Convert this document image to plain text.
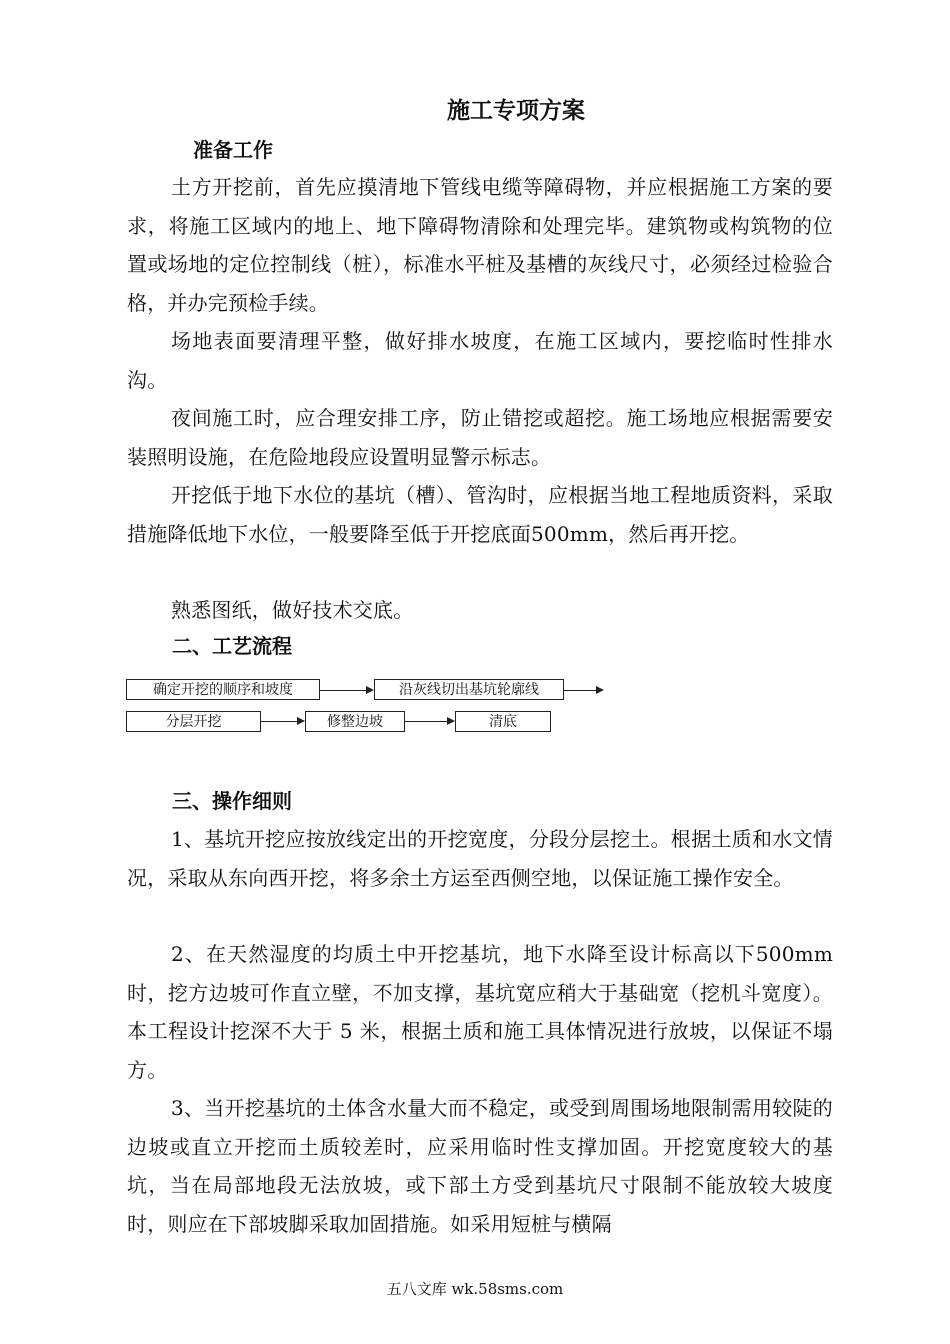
施工专项方案
准备工作
土方开挖前，首先应摸清地下管线电缆等障碍物，并应根据施工方案的要求，将施工区域内的地上、地下障碍物清除和处理完毕。建筑物或构筑物的位置或场地的定位控制线（桩），标准水平桩及基槽的灰线尺寸，必须经过检验合格，并办完预检手续。
场地表面要清理平整，做好排水坡度，在施工区域内，要挖临时性排水沟。
夜间施工时，应合理安排工序，防止错挖或超挖。施工场地应根据需要安装照明设施，在危险地段应设置明显警示标志。
开挖低于地下水位的基坑（槽）、管沟时，应根据当地工程地质资料，采取措施降低地下水位，一般要降至低于开挖底面500mm，然后再开挖。
熟悉图纸，做好技术交底。
二、工艺流程
确定开挖的顺序和坡度	沿灰线切出基坑轮廓线
分层开挖	修整边坡	清底
三、操作细则
1、基坑开挖应按放线定出的开挖宽度，分段分层挖土。根据土质和水文情况，采取从东向西开挖，将多余土方运至西侧空地，以保证施工操作安全。
2、在天然湿度的均质土中开挖基坑，地下水降至设计标高以下500mm时，挖方边坡可作直立壁，不加支撑，基坑宽应稍大于基础宽（挖机斗宽度）。本工程设计挖深不大于 5 米，根据土质和施工具体情况进行放坡，以保证不塌方。
3、当开挖基坑的土体含水量大而不稳定，或受到周围场地限制需用较陡的边坡或直立开挖而土质较差时，应采用临时性支撑加固。开挖宽度较大的基坑，当在局部地段无法放坡，或下部土方受到基坑尺寸限制不能放较大坡度时，则应在下部坡脚采取加固措施。如采用短桩与横隔
五八文库 wk.58sms.com
